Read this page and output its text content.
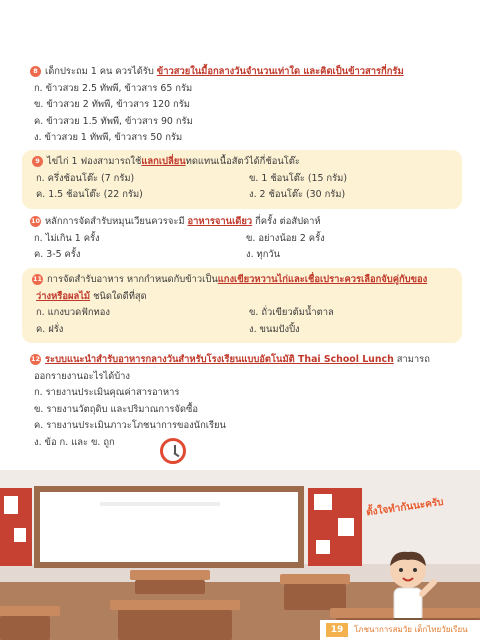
8 เด็กประถม 1 คน ควรได้รับ ข้าวสวยในมื้อกลางวันจำนวนเท่าใด และคิดเป็นข้าวสารกี่กรัม
ก. ข้าวสวย 2.5 ทัพพี, ข้าวสาร 65 กรัม
ข. ข้าวสวย 2 ทัพพี, ข้าวสาร 120 กรัม
ค. ข้าวสวย 1.5 ทัพพี, ข้าวสาร 90 กรัม
ง. ข้าวสวย 1 ทัพพี, ข้าวสาร 50 กรัม
9 ไข่ไก่ 1 ฟองสามารถใช้แลกเปลี่ยนทดแทนเนื้อสัตว์ได้กี่ช้อนโต๊ะ
ก. ครึ่งช้อนโต๊ะ (7 กรัม)	ข. 1 ช้อนโต๊ะ (15 กรัม)
ค. 1.5 ช้อนโต๊ะ (22 กรัม)	ง. 2 ช้อนโต๊ะ (30 กรัม)
10 หลักการจัดสำรับหมุนเวียนควรจะมี อาหารจานเดียว กี่ครั้ง ต่อสัปดาห์
ก. ไม่เกิน 1 ครั้ง	ข. อย่างน้อย 2 ครั้ง
ค. 3-5 ครั้ง	ง. ทุกวัน
11 การจัดสำรับอาหาร หากกำหนดกับข้าวเป็นแกงเขียวหวานไก่และเชื่อเปราะควรเลือกจับคู่กับของ
ว่างหรือผลไม้ ชนิดใดดีที่สุด
ก. แกงบวดฟักทอง	ข. ถั่วเขียวต้มน้ำตาล
ค. ฝรั่ง	ง. ขนมปังปิ้ง
12 ระบบแนะนำสำรับอาหารกลางวันสำหรับโรงเรียนแบบอัตโนมัติ Thai School Lunch สามารถ
ออกรายงานอะไรได้บ้าง
ก. รายงานประเมินคุณค่าสารอาหาร
ข. รายงานวัตถุดิบ และปริมาณการจัดซื้อ
ค. รายงานประเมินภาวะโภชนาการของนักเรียน
ง. ข้อ ก. และ ข. ถูก
ตั้งใจทำกันนะครับ
19	โภชนาการสมวัย เด็กไทยวัยเรียน
